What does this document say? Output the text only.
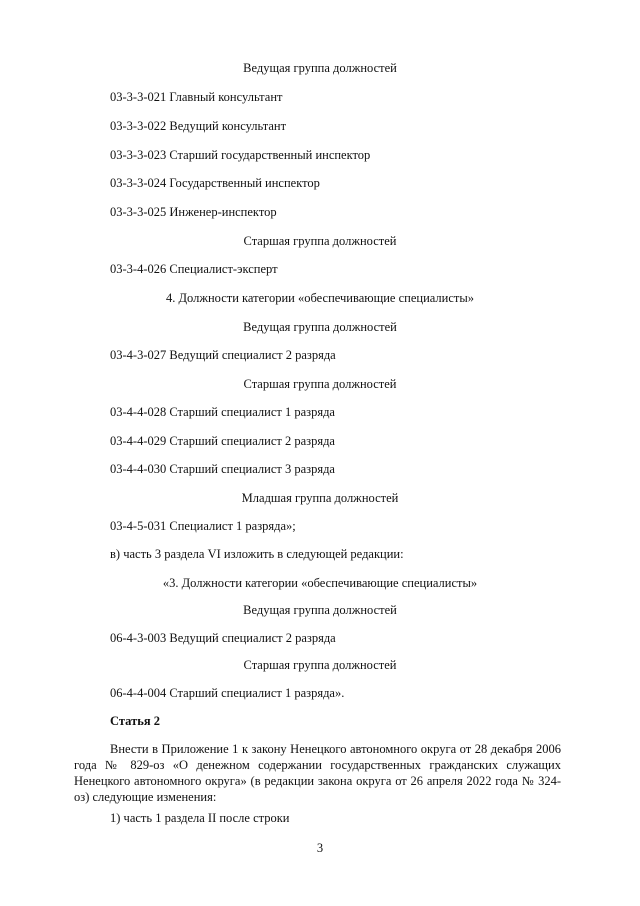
Ведущая группа должностей

03-3-3-021 Главный консультант

03-3-3-022 Ведущий консультант

03-3-3-023 Старший государственный инспектор

03-3-3-024 Государственный инспектор

03-3-3-025 Инженер-инспектор

Старшая группа должностей

03-3-4-026 Специалист-эксперт

4. Должности категории «обеспечивающие специалисты»

Ведущая группа должностей

03-4-3-027 Ведущий специалист 2 разряда

Старшая группа должностей

03-4-4-028 Старший специалист 1 разряда

03-4-4-029 Старший специалист 2 разряда

03-4-4-030 Старший специалист 3 разряда

Младшая группа должностей

03-4-5-031 Специалист 1 разряда»;

в) часть 3 раздела VI изложить в следующей редакции:

«3. Должности категории «обеспечивающие специалисты»

Ведущая группа должностей

06-4-3-003 Ведущий специалист 2 разряда

Старшая группа должностей

06-4-4-004 Старший специалист 1 разряда».

Статья 2

Внести в Приложение 1 к закону Ненецкого автономного округа от 28 декабря 2006 года № 829-оз «О денежном содержании государственных гражданских служащих Ненецкого автономного округа» (в редакции закона округа от 26 апреля 2022 года № 324-оз) следующие изменения:

1) часть 1 раздела II после строки

3
